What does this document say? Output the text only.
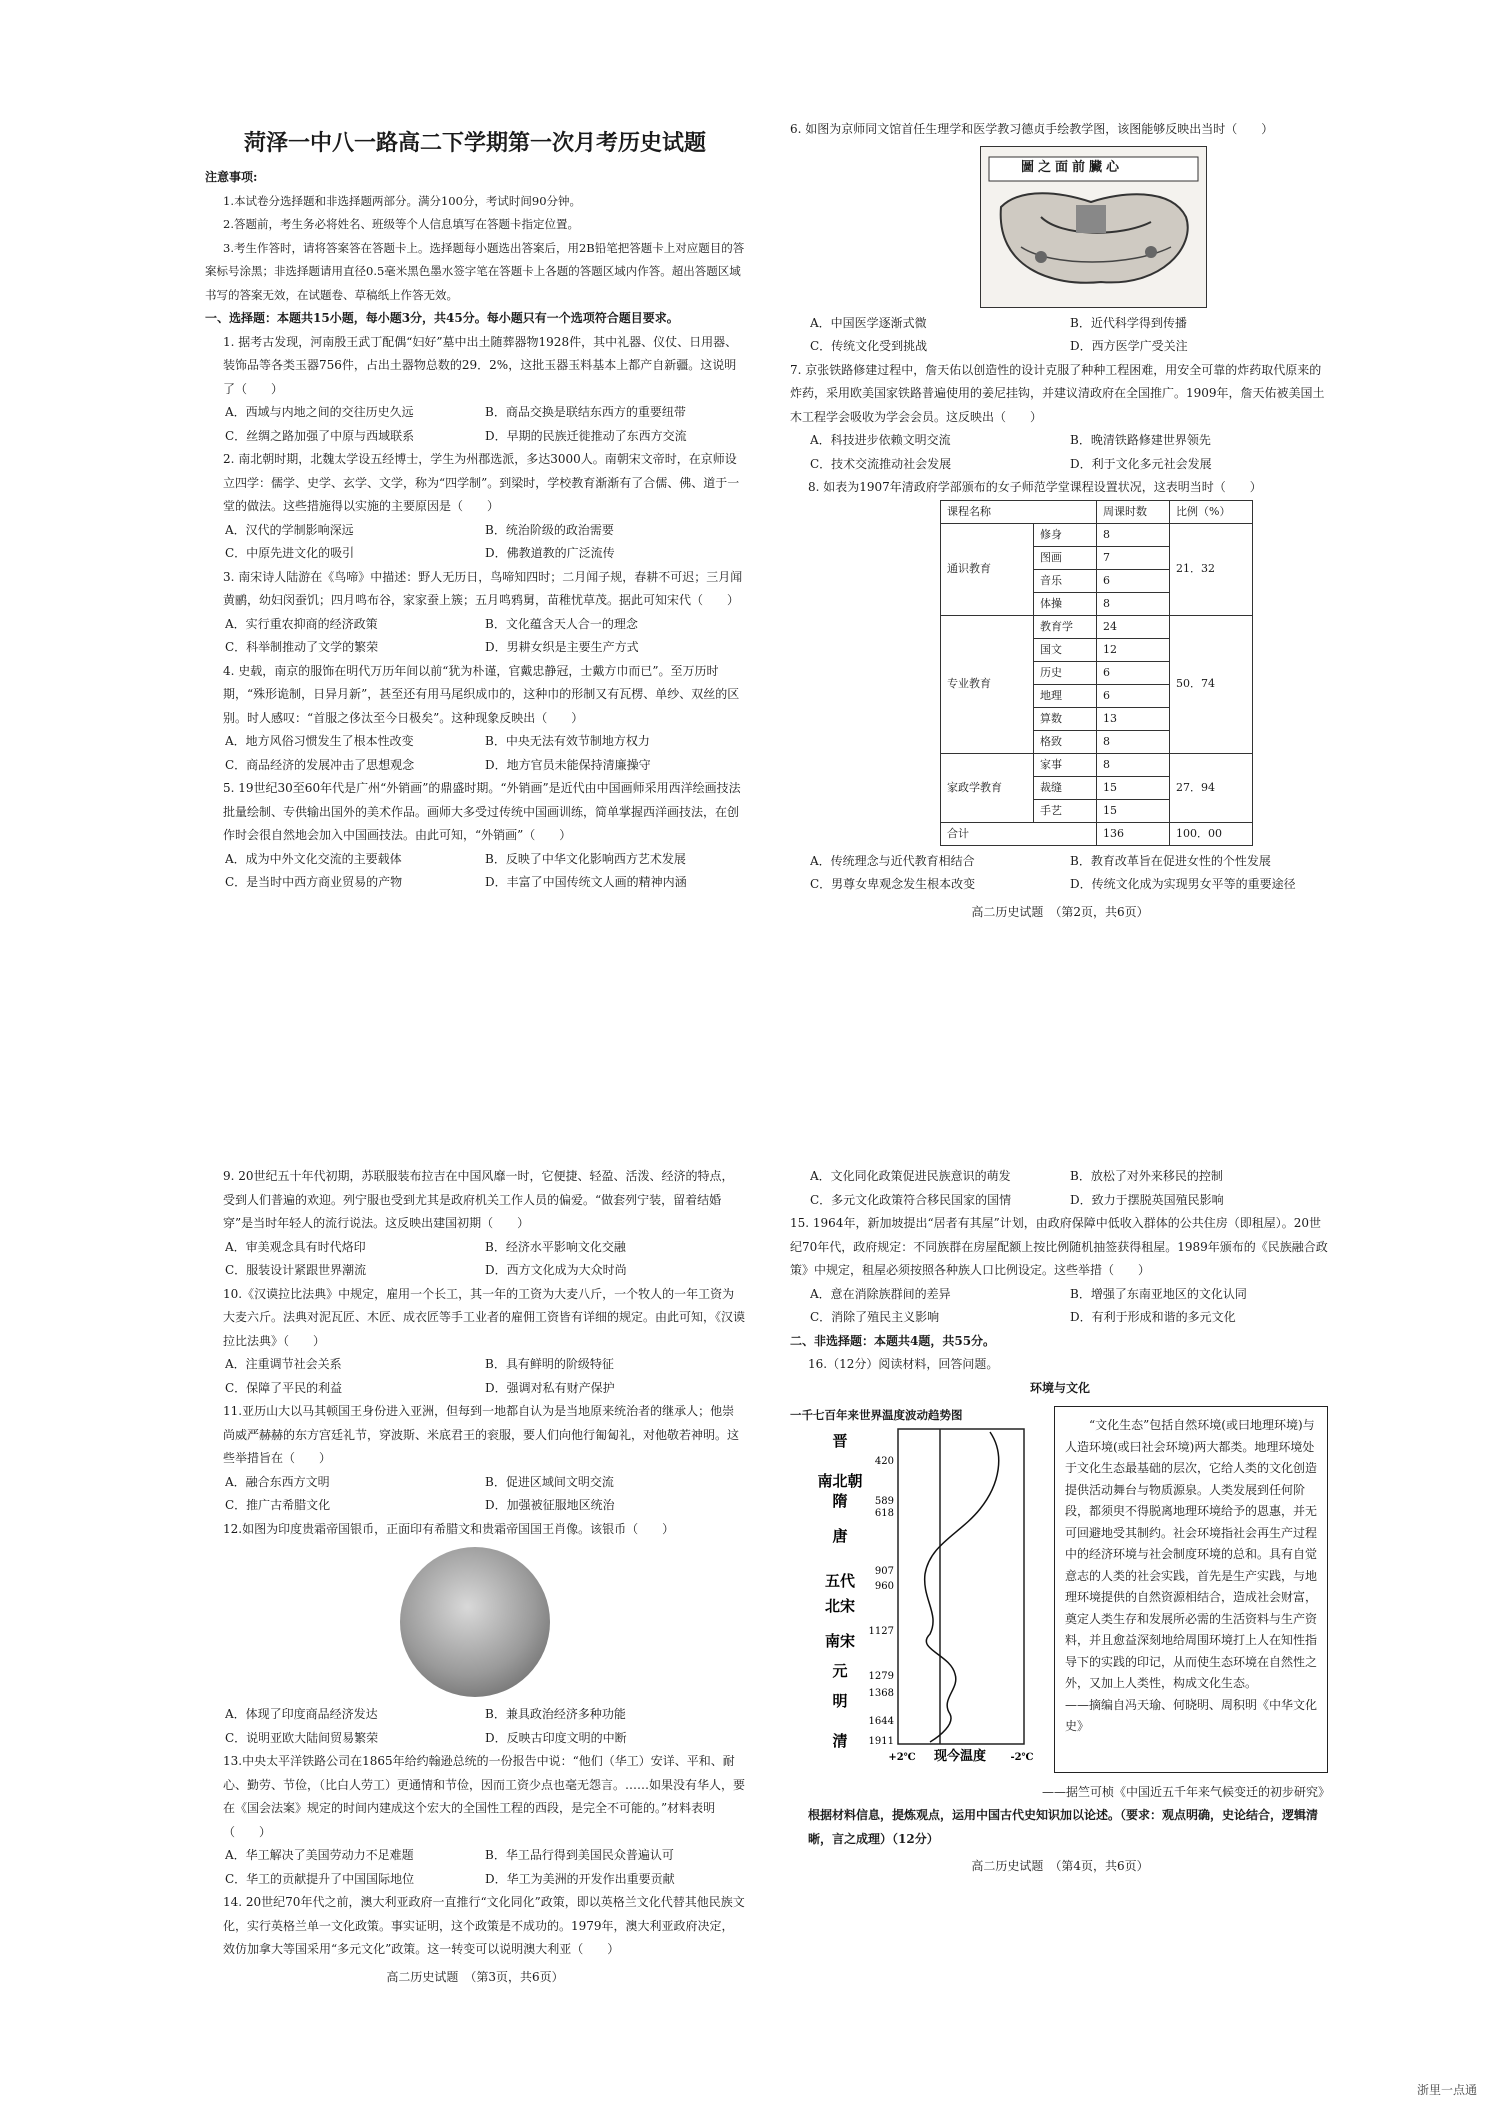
菏泽一中八一路高二下学期第一次月考历史试题
注意事项:
1.本试卷分选择题和非选择题两部分。满分100分，考试时间90分钟。
2.答题前，考生务必将姓名、班级等个人信息填写在答题卡指定位置。
3.考生作答时，请将答案答在答题卡上。选择题每小题选出答案后，用2B铅笔把答题卡上对应题目的答案标号涂黑；非选择题请用直径0.5毫米黑色墨水签字笔在答题卡上各题的答题区域内作答。超出答题区域书写的答案无效，在试题卷、草稿纸上作答无效。
一、选择题：本题共15小题，每小题3分，共45分。每小题只有一个选项符合题目要求。
1. 据考古发现，河南殷王武丁配偶“妇好”墓中出土随葬器物1928件，其中礼器、仪仗、日用器、装饰品等各类玉器756件，占出土器物总数的29．2%，这批玉器玉料基本上都产自新疆。这说明了（　　）
A．西域与内地之间的交往历史久远	B．商品交换是联结东西方的重要纽带
C．丝绸之路加强了中原与西域联系	D．早期的民族迁徙推动了东西方交流
2. 南北朝时期，北魏太学设五经博士，学生为州郡选派，多达3000人。南朝宋文帝时，在京师设立四学：儒学、史学、玄学、文学，称为“四学制”。到梁时，学校教育渐渐有了合儒、佛、道于一堂的做法。这些措施得以实施的主要原因是（　　）
A．汉代的学制影响深远	B．统治阶级的政治需要
C．中原先进文化的吸引	D．佛教道教的广泛流传
3. 南宋诗人陆游在《鸟啼》中描述：野人无历日，鸟啼知四时；二月闻子规，春耕不可迟；三月闻黄鹂，幼妇闵蚕饥；四月鸣布谷，家家蚕上簇；五月鸣鸦舅，苗稚忧草茂。据此可知宋代（　　）
A．实行重农抑商的经济政策	B．文化蕴含天人合一的理念
C．科举制推动了文学的繁荣	D．男耕女织是主要生产方式
4. 史载，南京的服饰在明代万历年间以前“犹为朴谨，官戴忠静冠，士戴方巾而已”。至万历时期，“殊形诡制，日异月新”，甚至还有用马尾织成巾的，这种巾的形制又有瓦楞、单纱、双丝的区别。时人感叹：“首服之侈汰至今日极矣”。这种现象反映出（　　）
A．地方风俗习惯发生了根本性改变	B．中央无法有效节制地方权力
C．商品经济的发展冲击了思想观念	D．地方官员未能保持清廉操守
5. 19世纪30至60年代是广州“外销画”的鼎盛时期。“外销画”是近代由中国画师采用西洋绘画技法批量绘制、专供输出国外的美术作品。画师大多受过传统中国画训练，简单掌握西洋画技法，在创作时会很自然地会加入中国画技法。由此可知，“外销画”（　　）
A．成为中外文化交流的主要载体	B．反映了中华文化影响西方艺术发展
C．是当时中西方商业贸易的产物	D．丰富了中国传统文人画的精神内涵
6. 如图为京师同文馆首任生理学和医学教习德贞手绘教学图，该图能够反映出当时（　　）
圖之面前臟心
A．中国医学逐渐式微	B．近代科学得到传播
C．传统文化受到挑战	D．西方医学广受关注
7. 京张铁路修建过程中，詹天佑以创造性的设计克服了种种工程困难，用安全可靠的炸药取代原来的炸药，采用欧美国家铁路普遍使用的姜尼挂钩，并建议清政府在全国推广。1909年，詹天佑被美国土木工程学会吸收为学会会员。这反映出（　　）
A．科技进步依赖文明交流	B．晚清铁路修建世界领先
C．技术交流推动社会发展	D．利于文化多元社会发展
8. 如表为1907年清政府学部颁布的女子师范学堂课程设置状况，这表明当时（　　）
课程名称		周课时数	比例（%）
通识教育	修身	8	21．32
	图画	7	
	音乐	6	
	体操	8	
专业教育	教育学	24	50．74
	国文	12	
	历史	6	
	地理	6	
	算数	13	
	格致	8	
家政学教育	家事	8	27．94
	裁缝	15	
	手艺	15	
合计		136	100．00
A．传统理念与近代教育相结合	B．教育改革旨在促进女性的个性发展
C．男尊女卑观念发生根本改变	D．传统文化成为实现男女平等的重要途径
高二历史试题　（第2页，共6页）
9. 20世纪五十年代初期，苏联服装布拉吉在中国风靡一时，它便捷、轻盈、活泼、经济的特点，受到人们普遍的欢迎。列宁服也受到尤其是政府机关工作人员的偏爱。“做套列宁装，留着结婚穿”是当时年轻人的流行说法。这反映出建国初期（　　）
A．审美观念具有时代烙印	B．经济水平影响文化交融
C．服装设计紧跟世界潮流	D．西方文化成为大众时尚
10.《汉谟拉比法典》中规定，雇用一个长工，其一年的工资为大麦八斤，一个牧人的一年工资为大麦六斤。法典对泥瓦匠、木匠、成衣匠等手工业者的雇佣工资皆有详细的规定。由此可知，《汉谟拉比法典》（　　）
A．注重调节社会关系	B．具有鲜明的阶级特征
C．保障了平民的利益	D．强调对私有财产保护
11.亚历山大以马其顿国王身份进入亚洲，但每到一地都自认为是当地原来统治者的继承人；他崇尚威严赫赫的东方宫廷礼节，穿波斯、米底君王的衮服，要人们向他行匍匐礼，对他敬若神明。这些举措旨在（　　）
A．融合东西方文明	B．促进区域间文明交流
C．推广古希腊文化	D．加强被征服地区统治
12.如图为印度贵霜帝国银币，正面印有希腊文和贵霜帝国国王肖像。该银币（　　）
A．体现了印度商品经济发达	B．兼具政治经济多种功能
C．说明亚欧大陆间贸易繁荣	D．反映古印度文明的中断
13.中央太平洋铁路公司在1865年给约翰逊总统的一份报告中说：“他们（华工）安详、平和、耐心、勤劳、节俭，（比白人劳工）更通情和节俭，因而工资少点也毫无怨言。……如果没有华人，要在《国会法案》规定的时间内建成这个宏大的全国性工程的西段，是完全不可能的。”材料表明（　　）
A．华工解决了美国劳动力不足难题	B．华工品行得到美国民众普遍认可
C．华工的贡献提升了中国国际地位	D．华工为美洲的开发作出重要贡献
14. 20世纪70年代之前，澳大利亚政府一直推行“文化同化”政策，即以英格兰文化代替其他民族文化，实行英格兰单一文化政策。事实证明，这个政策是不成功的。1979年，澳大利亚政府决定，效仿加拿大等国采用“多元文化”政策。这一转变可以说明澳大利亚（　　）
高二历史试题　（第3页，共6页）
A．文化同化政策促进民族意识的萌发	B．放松了对外来移民的控制
C．多元文化政策符合移民国家的国情	D．致力于摆脱英国殖民影响
15. 1964年，新加坡提出“居者有其屋”计划，由政府保障中低收入群体的公共住房（即租屋）。20世纪70年代，政府规定：不同族群在房屋配额上按比例随机抽签获得租屋。1989年颁布的《民族融合政策》中规定，租屋必须按照各种族人口比例设定。这些举措（　　）
A．意在消除族群间的差异	B．增强了东南亚地区的文化认同
C．消除了殖民主义影响	D．有利于形成和谐的多元文化
二、非选择题：本题共4题，共55分。
16.（12分）阅读材料，回答问题。
环境与文化
一千七百年来世界温度波动趋势图
晋
南北朝
隋
唐
五代
北宋
南宋
元
明
清
420
589
618
907
960
1127
1279
1368
1644
1911
+2℃ 现今温度 -2℃
“文化生态”包括自然环境(或曰地理环境)与人造环境(或曰社会环境)两大都类。地理环境处于文化生态最基础的层次，它给人类的文化创造提供活动舞台与物质源泉。人类发展到任何阶段，都须臾不得脱离地理环境给予的恩惠，并无可回避地受其制约。社会环境指社会再生产过程中的经济环境与社会制度环境的总和。具有自觉意志的人类的社会实践，首先是生产实践，与地理环境提供的自然资源相结合，造成社会财富，奠定人类生存和发展所必需的生活资料与生产资料，并且愈益深刻地给周围环境打上人在知性指导下的实践的印记，从而使生态环境在自然性之外，又加上人类性，构成文化生态。
——摘编自冯天瑜、何晓明、周积明《中华文化史》
——据竺可桢《中国近五千年来气候变迁的初步研究》
根据材料信息，提炼观点，运用中国古代史知识加以论述。（要求：观点明确，史论结合，逻辑清晰，言之成理）（12分）
高二历史试题　（第4页，共6页）
浙里一点通
